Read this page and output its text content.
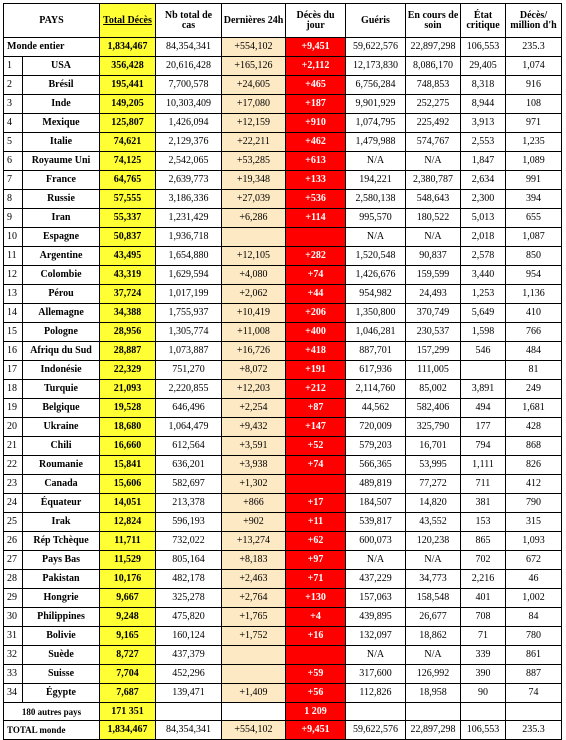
PAYS		Total Décès	Nb total de cas	Dernières 24h	Décès du jour	Guéris	En cours de soin	État critique	Décès/ million d'h
Monde entier		1,834,467	84,354,341	+554,102	+9,451	59,622,576	22,897,298	106,553	235.3
1	USA	356,428	20,616,428	+165,126	+2,112	12,173,830	8,086,170	29,405	1,074
2	Brésil	195,441	7,700,578	+24,605	+465	6,756,284	748,853	8,318	916
3	Inde	149,205	10,303,409	+17,080	+187	9,901,929	252,275	8,944	108
4	Mexique	125,807	1,426,094	+12,159	+910	1,074,795	225,492	3,913	971
5	Italie	74,621	2,129,376	+22,211	+462	1,479,988	574,767	2,553	1,235
6	Royaume Uni	74,125	2,542,065	+53,285	+613	N/A	N/A	1,847	1,089
7	France	64,765	2,639,773	+19,348	+133	194,221	2,380,787	2,634	991
8	Russie	57,555	3,186,336	+27,039	+536	2,580,138	548,643	2,300	394
9	Iran	55,337	1,231,429	+6,286	+114	995,570	180,522	5,013	655
10	Espagne	50,837	1,936,718			N/A	N/A	2,018	1,087
11	Argentine	43,495	1,654,880	+12,105	+282	1,520,548	90,837	2,578	850
12	Colombie	43,319	1,629,594	+4,080	+74	1,426,676	159,599	3,440	954
13	Pérou	37,724	1,017,199	+2,062	+44	954,982	24,493	1,253	1,136
14	Allemagne	34,388	1,755,937	+10,419	+206	1,350,800	370,749	5,649	410
15	Pologne	28,956	1,305,774	+11,008	+400	1,046,281	230,537	1,598	766
16	Afriqu du Sud	28,887	1,073,887	+16,726	+418	887,701	157,299	546	484
17	Indonésie	22,329	751,270	+8,072	+191	617,936	111,005		81
18	Turquie	21,093	2,220,855	+12,203	+212	2,114,760	85,002	3,891	249
19	Belgique	19,528	646,496	+2,254	+87	44,562	582,406	494	1,681
20	Ukraine	18,680	1,064,479	+9,432	+147	720,009	325,790	177	428
21	Chili	16,660	612,564	+3,591	+52	579,203	16,701	794	868
22	Roumanie	15,841	636,201	+3,938	+74	566,365	53,995	1,111	826
23	Canada	15,606	582,697	+1,302		489,819	77,272	711	412
24	Équateur	14,051	213,378	+866	+17	184,507	14,820	381	790
25	Irak	12,824	596,193	+902	+11	539,817	43,552	153	315
26	Rép Tchèque	11,711	732,022	+13,274	+62	600,073	120,238	865	1,093
27	Pays Bas	11,529	805,164	+8,183	+97	N/A	N/A	702	672
28	Pakistan	10,176	482,178	+2,463	+71	437,229	34,773	2,216	46
29	Hongrie	9,667	325,278	+2,764	+130	157,063	158,548	401	1,002
30	Philippines	9,248	475,820	+1,765	+4	439,895	26,677	708	84
31	Bolivie	9,165	160,124	+1,752	+16	132,097	18,862	71	780
32	Suède	8,727	437,379			N/A	N/A	339	861
33	Suisse	7,704	452,296		+59	317,600	126,992	390	887
34	Égypte	7,687	139,471	+1,409	+56	112,826	18,958	90	74
180 autres pays		171 351			1 209				
TOTAL monde		1,834,467	84,354,341	+554,102	+9,451	59,622,576	22,897,298	106,553	235.3
